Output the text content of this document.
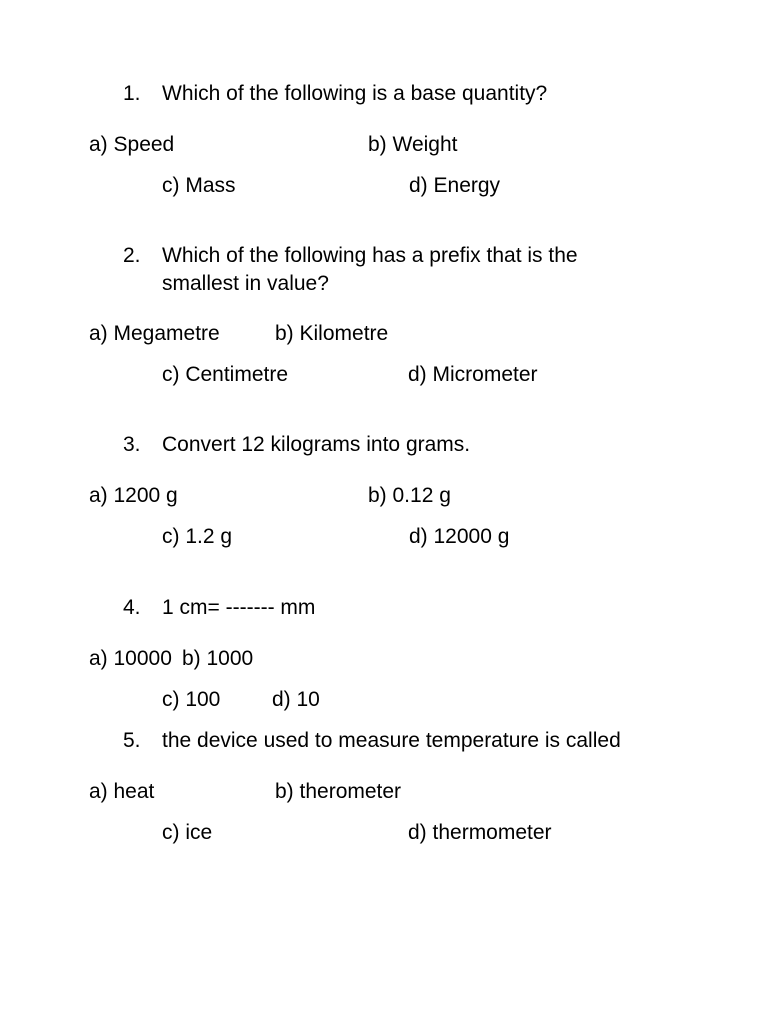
1. Which of the following is a base quantity?
a) Speed	b) Weight
c) Mass	d) Energy
2. Which of the following has a prefix that is the
smallest in value?
a) Megametre	b) Kilometre
c) Centimetre	d) Micrometer
3. Convert 12 kilograms into grams.
a) 1200 g	b) 0.12 g
c) 1.2 g	d) 12000 g
4. 1 cm= ------- mm
a) 10000 b) 1000
c) 100 d) 10
5. the device used to measure temperature is called
a) heat	b) therometer
c) ice	d) thermometer
